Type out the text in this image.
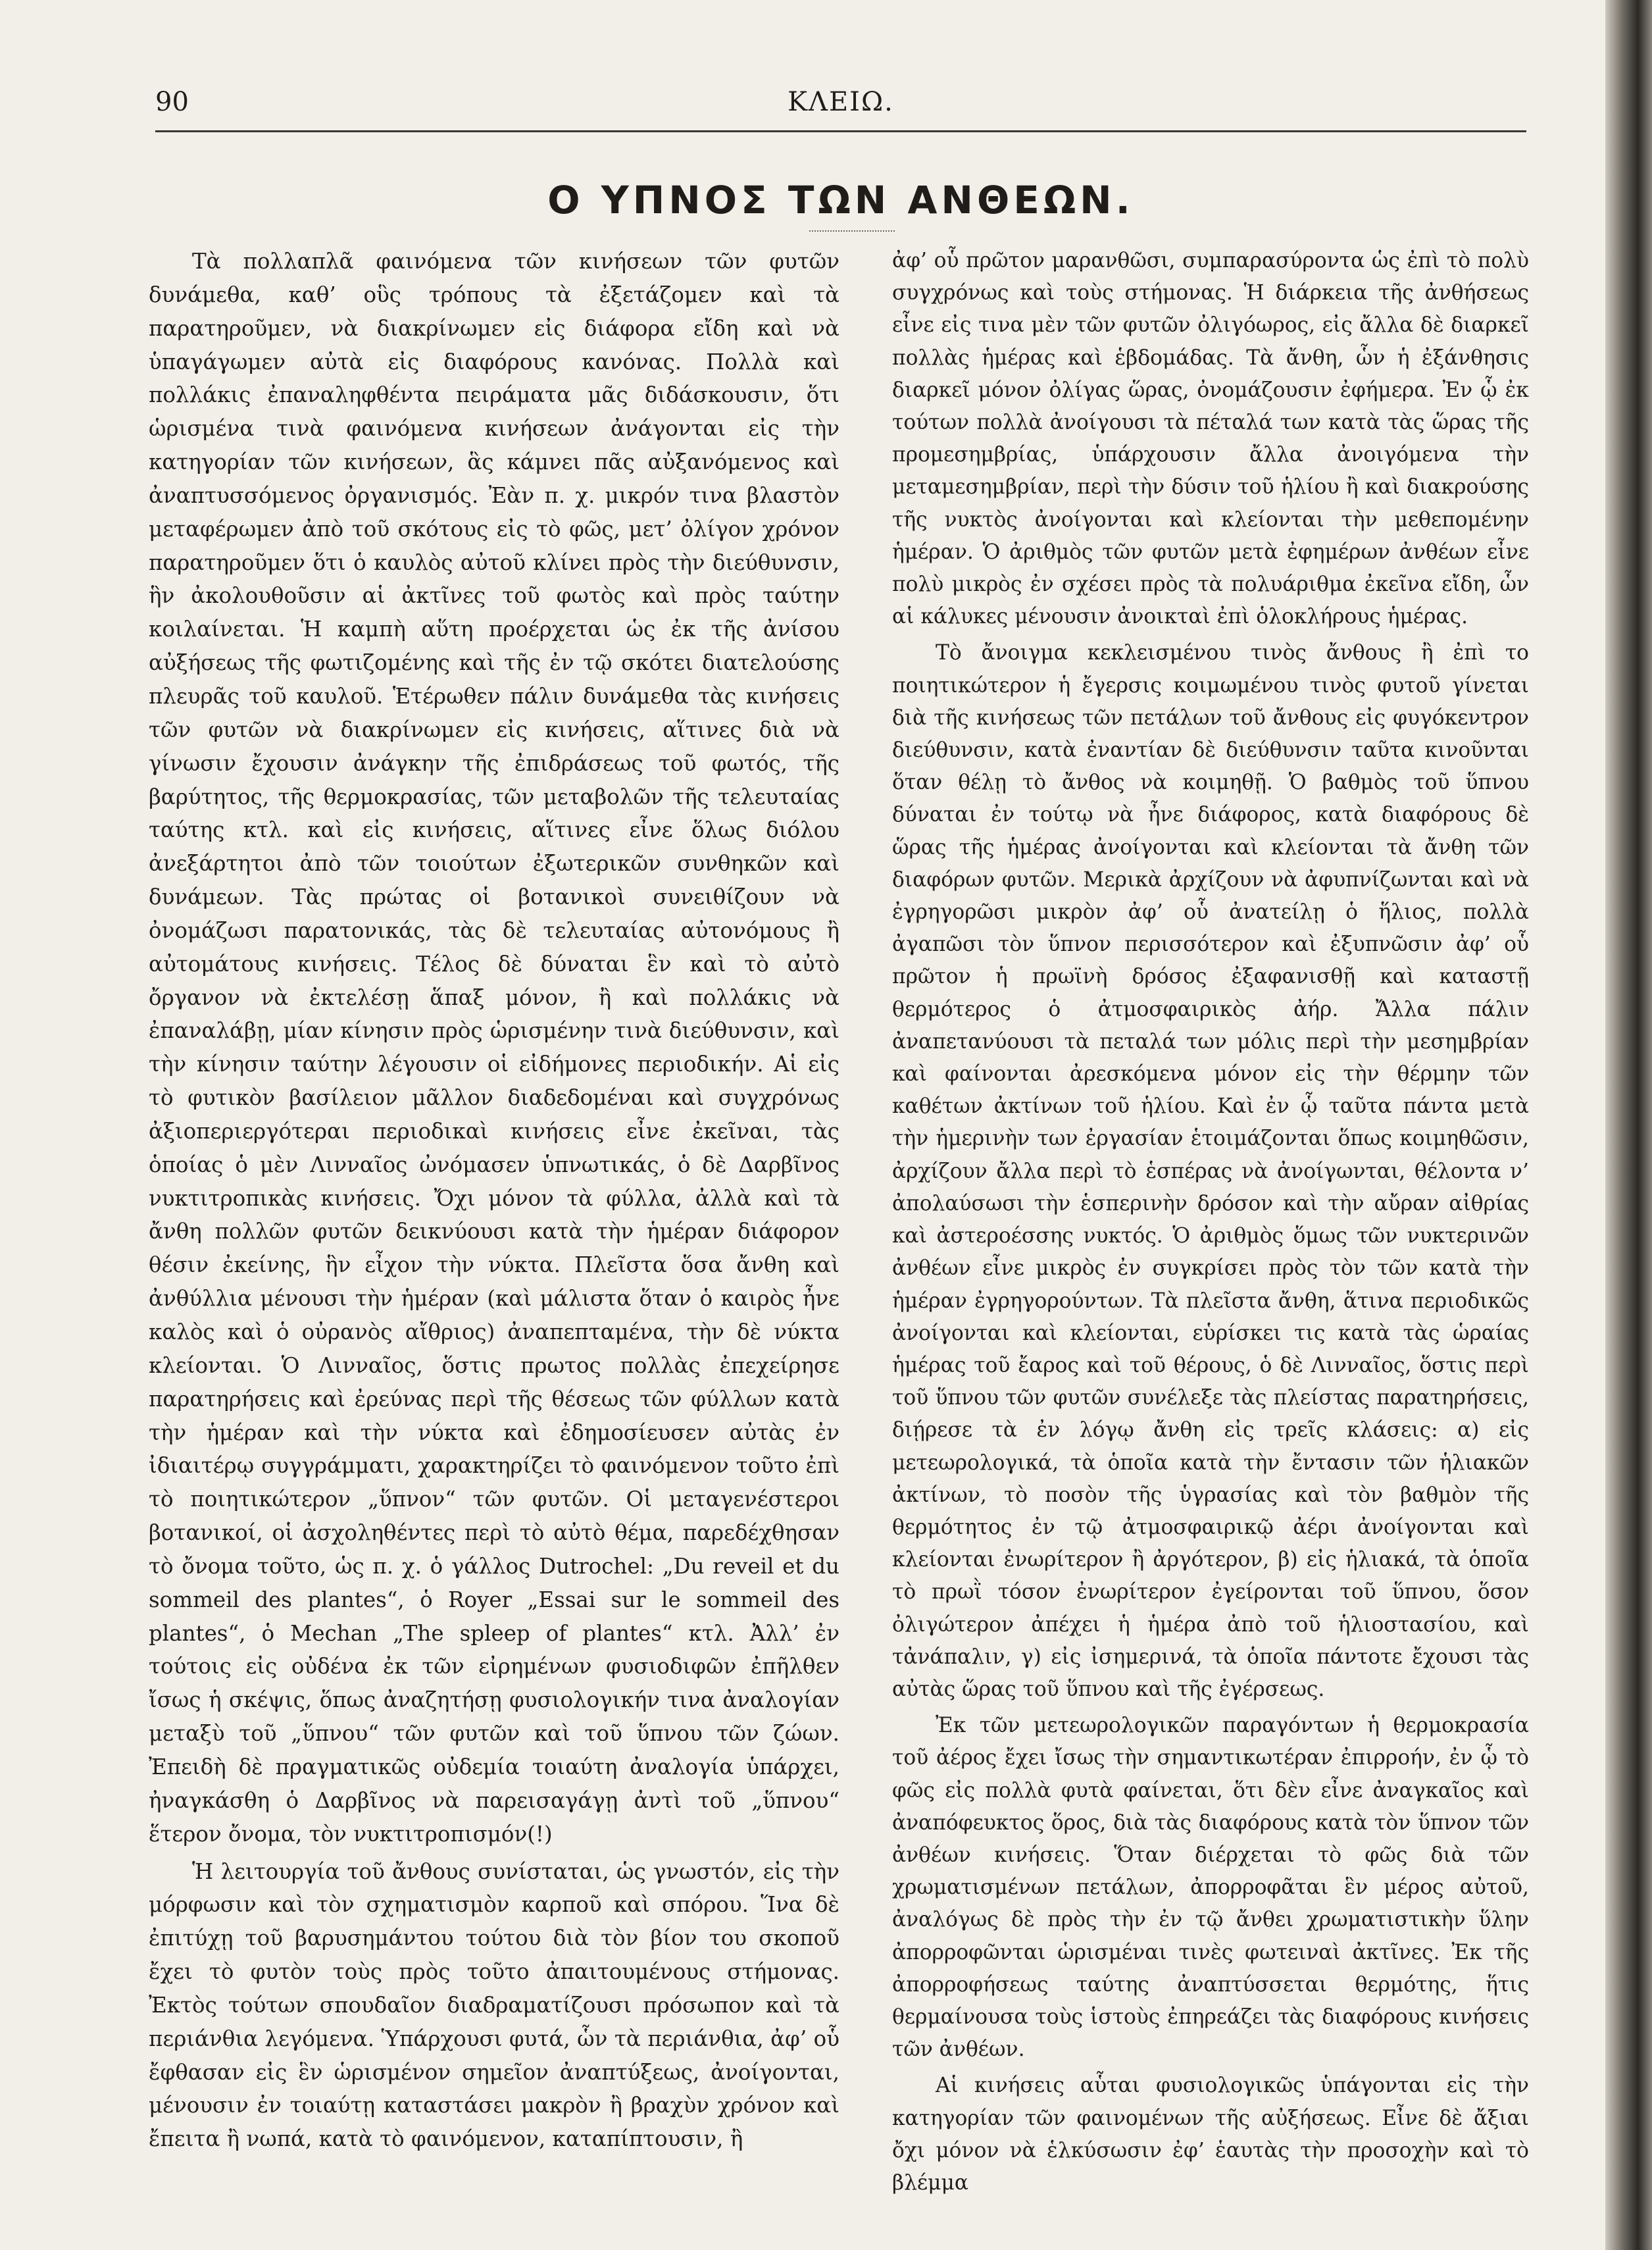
90	ΚΛΕΙΩ.
Ο ΥΠΝΟΣ ΤΩΝ ΑΝΘΕΩΝ.

Τὰ πολλαπλᾶ φαινόμενα τῶν κινήσεων τῶν φυτῶν δυνάμεθα, καθ’ οὓς τρόπους τὰ ἐξετάζομεν καὶ τὰ παρατηροῦμεν, νὰ διακρίνωμεν εἰς διάφορα εἴδη καὶ νὰ ὑπαγάγωμεν αὐτὰ εἰς διαφόρους κανόνας. Πολλὰ καὶ πολλάκις ἐπαναληφθέντα πειράματα μᾶς διδάσκουσιν, ὅτι ὡρισμένα τινὰ φαινόμενα κινήσεων ἀνάγονται εἰς τὴν κατηγορίαν τῶν κινήσεων, ἃς κάμνει πᾶς αὐξανόμενος καὶ ἀναπτυσσόμενος ὀργανισμός. Ἐὰν π. χ. μικρόν τινα βλαστὸν μεταφέρωμεν ἀπὸ τοῦ σκότους εἰς τὸ φῶς, μετ’ ὀλίγον χρόνον παρατηροῦμεν ὅτι ὁ καυλὸς αὐτοῦ κλίνει πρὸς τὴν διεύθυνσιν, ἣν ἀκολουθοῦσιν αἱ ἀκτῖνες τοῦ φωτὸς καὶ πρὸς ταύτην κοιλαίνεται. Ἡ καμπὴ αὕτη προέρχεται ὡς ἐκ τῆς ἀνίσου αὐξήσεως τῆς φωτιζομένης καὶ τῆς ἐν τῷ σκότει διατελούσης πλευρᾶς τοῦ καυλοῦ. Ἑτέρωθεν πάλιν δυνάμεθα τὰς κινήσεις τῶν φυτῶν νὰ διακρίνωμεν εἰς κινήσεις, αἵτινες διὰ νὰ γίνωσιν ἔχουσιν ἀνάγκην τῆς ἐπιδράσεως τοῦ φωτός, τῆς βαρύτητος, τῆς θερμοκρασίας, τῶν μεταβολῶν τῆς τελευταίας ταύτης κτλ. καὶ εἰς κινήσεις, αἵτινες εἶνε ὅλως διόλου ἀνεξάρτητοι ἀπὸ τῶν τοιούτων ἐξωτερικῶν συνθηκῶν καὶ δυνάμεων. Τὰς πρώτας οἱ βοτανικοὶ συνειθίζουν νὰ ὀνομάζωσι παρατονικάς, τὰς δὲ τελευταίας αὐτονόμους ἢ αὐτομάτους κινήσεις. Τέλος δὲ δύναται ἓν καὶ τὸ αὐτὸ ὄργανον νὰ ἐκτελέσῃ ἅπαξ μόνον, ἢ καὶ πολλάκις νὰ ἐπαναλάβῃ, μίαν κίνησιν πρὸς ὡρισμένην τινὰ διεύθυνσιν, καὶ τὴν κίνησιν ταύτην λέγουσιν οἱ εἰδήμονες περιοδικήν. Αἱ εἰς τὸ φυτικὸν βασίλειον μᾶλλον διαδεδομέναι καὶ συγχρόνως ἀξιοπεριεργότεραι περιοδικαὶ κινήσεις εἶνε ἐκεῖναι, τὰς ὁποίας ὁ μὲν Λινναῖος ὠνόμασεν ὑπνωτικάς, ὁ δὲ Δαρβῖνος νυκτιτροπικὰς κινήσεις. Ὄχι μόνον τὰ φύλλα, ἀλλὰ καὶ τὰ ἄνθη πολλῶν φυτῶν δεικνύουσι κατὰ τὴν ἡμέραν διάφορον θέσιν ἐκείνης, ἣν εἶχον τὴν νύκτα. Πλεῖστα ὅσα ἄνθη καὶ ἀνθύλλια μένουσι τὴν ἡμέραν (καὶ μάλιστα ὅταν ὁ καιρὸς ἦνε καλὸς καὶ ὁ οὐρανὸς αἴθριος) ἀναπεπταμένα, τὴν δὲ νύκτα κλείονται. Ὁ Λινναῖος, ὅστις πρωτος πολλὰς ἐπεχείρησε παρατηρήσεις καὶ ἐρεύνας περὶ τῆς θέσεως τῶν φύλλων κατὰ τὴν ἡμέραν καὶ τὴν νύκτα καὶ ἐδημοσίευσεν αὐτὰς ἐν ἰδιαιτέρῳ συγγράμματι, χαρακτηρίζει τὸ φαινόμενον τοῦτο ἐπὶ τὸ ποιητικώτερον „ὕπνον“ τῶν φυτῶν. Οἱ μεταγενέστεροι βοτανικοί, οἱ ἀσχοληθέντες περὶ τὸ αὐτὸ θέμα, παρεδέχθησαν τὸ ὄνομα τοῦτο, ὡς π. χ. ὁ γάλλος Dutrochel: „Du reveil et du sommeil des plantes“, ὁ Royer „Essai sur le sommeil des plantes“, ὁ Mechan „The spleep of plantes“ κτλ. Ἀλλ’ ἐν τούτοις εἰς οὐδένα ἐκ τῶν εἰρημένων φυσιοδιφῶν ἐπῆλθεν ἴσως ἡ σκέψις, ὅπως ἀναζητήσῃ φυσιολογικήν τινα ἀναλογίαν μεταξὺ τοῦ „ὕπνου“ τῶν φυτῶν καὶ τοῦ ὕπνου τῶν ζώων. Ἐπειδὴ δὲ πραγματικῶς οὐδεμία τοιαύτη ἀναλογία ὑπάρχει, ἠναγκάσθη ὁ Δαρβῖνος νὰ παρεισαγάγῃ ἀντὶ τοῦ „ὕπνου“ ἕτερον ὄνομα, τὸν νυκτιτροπισμόν(!)

Ἡ λειτουργία τοῦ ἄνθους συνίσταται, ὡς γνωστόν, εἰς τὴν μόρφωσιν καὶ τὸν σχηματισμὸν καρποῦ καὶ σπόρου. Ἵνα δὲ ἐπιτύχῃ τοῦ βαρυσημάντου τούτου διὰ τὸν βίον του σκοποῦ ἔχει τὸ φυτὸν τοὺς πρὸς τοῦτο ἀπαιτουμένους στήμονας. Ἐκτὸς τούτων σπουδαῖον διαδραματίζουσι πρόσωπον καὶ τὰ περιάνθια λεγόμενα. Ὑπάρχουσι φυτά, ὧν τὰ περιάνθια, ἀφ’ οὗ ἔφθασαν εἰς ἓν ὡρισμένον σημεῖον ἀναπτύξεως, ἀνοίγονται, μένουσιν ἐν τοιαύτῃ καταστάσει μακρὸν ἢ βραχὺν χρόνον καὶ ἔπειτα ἢ νωπά, κατὰ τὸ φαινόμενον, καταπίπτουσιν, ἢ

ἀφ’ οὗ πρῶτον μαρανθῶσι, συμπαρασύροντα ὡς ἐπὶ τὸ πολὺ συγχρόνως καὶ τοὺς στήμονας. Ἡ διάρκεια τῆς ἀνθήσεως εἶνε εἰς τινα μὲν τῶν φυτῶν ὀλιγόωρος, εἰς ἄλλα δὲ διαρκεῖ πολλὰς ἡμέρας καὶ ἑβδομάδας. Τὰ ἄνθη, ὧν ἡ ἐξάνθησις διαρκεῖ μόνον ὀλίγας ὥρας, ὀνομάζουσιν ἐφήμερα. Ἐν ᾧ ἐκ τούτων πολλὰ ἀνοίγουσι τὰ πέταλά των κατὰ τὰς ὥρας τῆς προμεσημβρίας, ὑπάρχουσιν ἄλλα ἀνοιγόμενα τὴν μεταμεσημβρίαν, περὶ τὴν δύσιν τοῦ ἡλίου ἢ καὶ διακρούσης τῆς νυκτὸς ἀνοίγονται καὶ κλείονται τὴν μεθεπομένην ἡμέραν. Ὁ ἀριθμὸς τῶν φυτῶν μετὰ ἐφημέρων ἀνθέων εἶνε πολὺ μικρὸς ἐν σχέσει πρὸς τὰ πολυάριθμα ἐκεῖνα εἴδη, ὧν αἱ κάλυκες μένουσιν ἀνοικταὶ ἐπὶ ὁλοκλήρους ἡμέρας.

Τὸ ἄνοιγμα κεκλεισμένου τινὸς ἄνθους ἢ ἐπὶ το ποιητικώτερον ἡ ἔγερσις κοιμωμένου τινὸς φυτοῦ γίνεται διὰ τῆς κινήσεως τῶν πετάλων τοῦ ἄνθους εἰς φυγόκεντρον διεύθυνσιν, κατὰ ἐναντίαν δὲ διεύθυνσιν ταῦτα κινοῦνται ὅταν θέλῃ τὸ ἄνθος νὰ κοιμηθῇ. Ὁ βαθμὸς τοῦ ὕπνου δύναται ἐν τούτῳ νὰ ἦνε διάφορος, κατὰ διαφόρους δὲ ὥρας τῆς ἡμέρας ἀνοίγονται καὶ κλείονται τὰ ἄνθη τῶν διαφόρων φυτῶν. Μερικὰ ἀρχίζουν νὰ ἀφυπνίζωνται καὶ νὰ ἐγρηγορῶσι μικρὸν ἀφ’ οὗ ἀνατείλῃ ὁ ἥλιος, πολλὰ ἀγαπῶσι τὸν ὕπνον περισσότερον καὶ ἐξυπνῶσιν ἀφ’ οὗ πρῶτον ἡ πρωϊνὴ δρόσος ἐξαφανισθῇ καὶ καταστῇ θερμότερος ὁ ἀτμοσφαιρικὸς ἀήρ. Ἄλλα πάλιν ἀναπετανύουσι τὰ πεταλά των μόλις περὶ τὴν μεσημβρίαν καὶ φαίνονται ἀρεσκόμενα μόνον εἰς τὴν θέρμην τῶν καθέτων ἀκτίνων τοῦ ἡλίου. Καὶ ἐν ᾧ ταῦτα πάντα μετὰ τὴν ἡμερινὴν των ἐργασίαν ἑτοιμάζονται ὅπως κοιμηθῶσιν, ἀρχίζουν ἄλλα περὶ τὸ ἑσπέρας νὰ ἀνοίγωνται, θέλοντα ν’ ἀπολαύσωσι τὴν ἑσπερινὴν δρόσον καὶ τὴν αὔραν αἰθρίας καὶ ἀστεροέσσης νυκτός. Ὁ ἀριθμὸς ὅμως τῶν νυκτερινῶν ἀνθέων εἶνε μικρὸς ἐν συγκρίσει πρὸς τὸν τῶν κατὰ τὴν ἡμέραν ἐγρηγορούντων. Τὰ πλεῖστα ἄνθη, ἅτινα περιοδικῶς ἀνοίγονται καὶ κλείονται, εὑρίσκει τις κατὰ τὰς ὡραίας ἡμέρας τοῦ ἔαρος καὶ τοῦ θέρους, ὁ δὲ Λινναῖος, ὅστις περὶ τοῦ ὕπνου τῶν φυτῶν συνέλεξε τὰς πλείστας παρατηρήσεις, διῄρεσε τὰ ἐν λόγῳ ἄνθη εἰς τρεῖς κλάσεις: α) εἰς μετεωρολογικά, τὰ ὁποῖα κατὰ τὴν ἔντασιν τῶν ἡλιακῶν ἀκτίνων, τὸ ποσὸν τῆς ὑγρασίας καὶ τὸν βαθμὸν τῆς θερμότητος ἐν τῷ ἀτμοσφαιρικῷ ἀέρι ἀνοίγονται καὶ κλείονται ἐνωρίτερον ἢ ἀργότερον, β) εἰς ἡλιακά, τὰ ὁποῖα τὸ πρωῒ τόσον ἐνωρίτερον ἐγείρονται τοῦ ὕπνου, ὅσον ὀλιγώτερον ἀπέχει ἡ ἡμέρα ἀπὸ τοῦ ἡλιοστασίου, καὶ τἀνάπαλιν, γ) εἰς ἰσημερινά, τὰ ὁποῖα πάντοτε ἔχουσι τὰς αὐτὰς ὥρας τοῦ ὕπνου καὶ τῆς ἐγέρσεως.

Ἐκ τῶν μετεωρολογικῶν παραγόντων ἡ θερμοκρασία τοῦ ἀέρος ἔχει ἴσως τὴν σημαντικωτέραν ἐπιρροήν, ἐν ᾧ τὸ φῶς εἰς πολλὰ φυτὰ φαίνεται, ὅτι δὲν εἶνε ἀναγκαῖος καὶ ἀναπόφευκτος ὅρος, διὰ τὰς διαφόρους κατὰ τὸν ὕπνον τῶν ἀνθέων κινήσεις. Ὅταν διέρχεται τὸ φῶς διὰ τῶν χρωματισμένων πετάλων, ἀπορροφᾶται ἓν μέρος αὐτοῦ, ἀναλόγως δὲ πρὸς τὴν ἐν τῷ ἄνθει χρωματιστικὴν ὕλην ἀπορροφῶνται ὡρισμέναι τινὲς φωτειναὶ ἀκτῖνες. Ἐκ τῆς ἀπορροφήσεως ταύτης ἀναπτύσσεται θερμότης, ἥτις θερμαίνουσα τοὺς ἱστοὺς ἐπηρεάζει τὰς διαφόρους κινήσεις τῶν ἀνθέων.

Αἱ κινήσεις αὗται φυσιολογικῶς ὑπάγονται εἰς τὴν κατηγορίαν τῶν φαινομένων τῆς αὐξήσεως. Εἶνε δὲ ἄξιαι ὄχι μόνον νὰ ἑλκύσωσιν ἐφ’ ἑαυτὰς τὴν προσοχὴν καὶ τὸ βλέμμα
